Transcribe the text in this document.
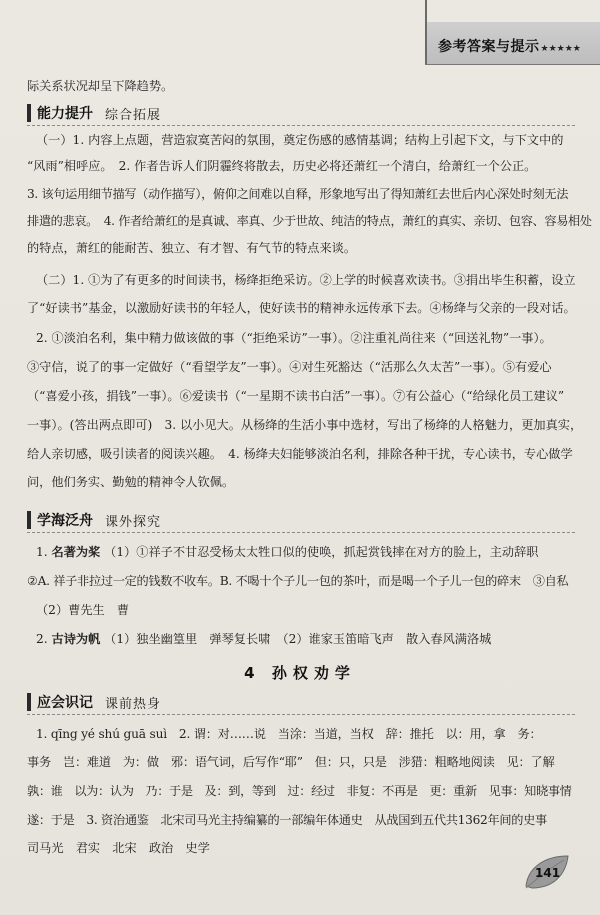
参考答案与提示★★★★★
际关系状况却呈下降趋势。
能力提升 综合拓展
（一）1. 内容上点题，营造寂寞苦闷的氛围，奠定伤感的感情基调；结构上引起下文，与下文中的
“风雨”相呼应。　2. 作者告诉人们阴霾终将散去，历史必将还萧红一个清白，给萧红一个公正。
3. 该句运用细节描写（动作描写），俯仰之间难以自释，形象地写出了得知萧红去世后内心深处时刻无法
排遣的悲哀。　4. 作者给萧红的是真诚、率真、少于世故、纯洁的特点，萧红的真实、亲切、包容、容易相处
的特点，萧红的能耐苦、独立、有才智、有气节的特点来谈。
（二）1. ①为了有更多的时间读书，杨绛拒绝采访。②上学的时候喜欢读书。③捐出毕生积蓄，设立
了“好读书”基金，以激励好读书的年轻人，使好读书的精神永远传承下去。④杨绛与父亲的一段对话。
2. ①淡泊名利，集中精力做该做的事（“拒绝采访”一事）。②注重礼尚往来（“回送礼物”一事）。
③守信，说了的事一定做好（“看望学友”一事）。④对生死豁达（“活那么久太苦”一事）。⑤有爱心
（“喜爱小孩，捐钱”一事）。⑥爱读书（“一星期不读书白活”一事）。⑦有公益心（“给绿化员工建议”
一事）。(答出两点即可)　3. 以小见大。从杨绛的生活小事中选材，写出了杨绛的人格魅力，更加真实，
给人亲切感，吸引读者的阅读兴趣。　4. 杨绛夫妇能够淡泊名利，排除各种干扰，专心读书，专心做学
问，他们务实、勤勉的精神令人钦佩。
学海泛舟 课外探究
1. 名著为桨 （1）①祥子不甘忍受杨太太牲口似的使唤，抓起赏钱摔在对方的脸上，主动辞职
②A. 祥子非拉过一定的钱数不收车。B. 不喝十个子儿一包的茶叶，而是喝一个子儿一包的碎末　③自私
（2）曹先生　曹
2. 古诗为帆 （1）独坐幽篁里　弹琴复长啸　（2）谁家玉笛暗飞声　散入春风满洛城
4 孙权劝学
应会识记 课前热身
1. qīng yé shú guā suì　2. 谓：对……说　当涂：当道，当权　辞：推托　以：用，拿　务：
事务　岂：难道　为：做　邪：语气词，后写作“耶”　但：只，只是　涉猎：粗略地阅读　见：了解
孰：谁　以为：认为　乃：于是　及：到，等到　过：经过　非复：不再是　更：重新　见事：知晓事情
遂：于是　3. 资治通鉴　北宋司马光主持编纂的一部编年体通史　从战国到五代共1362年间的史事
司马光　君实　北宋　政治　史学
141
